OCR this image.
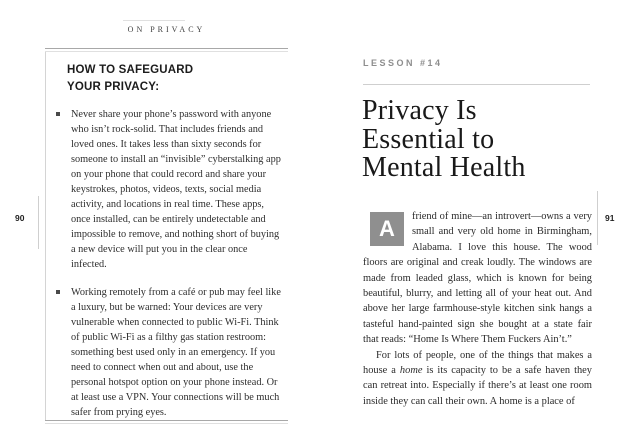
ON PRIVACY
90
HOW TO SAFEGUARD
YOUR PRIVACY:
Never share your phone’s password with anyone who isn’t rock-solid. That includes friends and loved ones. It takes less than sixty seconds for someone to install an “invisible” cyberstalking app on your phone that could record and share your keystrokes, photos, videos, texts, social media activity, and locations in real time. These apps, once installed, can be entirely undetectable and impossible to remove, and nothing short of buying a new device will put you in the clear once infected.
Working remotely from a café or pub may feel like a luxury, but be warned: Your devices are very vulnerable when connected to public Wi-Fi. Think of public Wi-Fi as a filthy gas station restroom: something best used only in an emergency. If you need to connect when out and about, use the personal hotspot option on your phone instead. Or at least use a VPN. Your connections will be much safer from prying eyes.
LESSON #14
Privacy Is
Essential to
Mental Health

A	friend of mine—an introvert—owns a very small and very old home in Birmingham, Alabama. I love this house. The wood floors are original and creak loudly. The windows are made from leaded glass, which is known for being beautiful, blurry, and letting all of your heat out. And above her large farmhouse-style kitchen sink hangs a tasteful hand-painted sign she bought at a state fair that reads: “Home Is Where Them Fuckers Ain’t.”

For lots of people, one of the things that makes a house a home is its capacity to be a safe haven they can retreat into. Especially if there’s at least one room inside they can call their own. A home is a place of

91
